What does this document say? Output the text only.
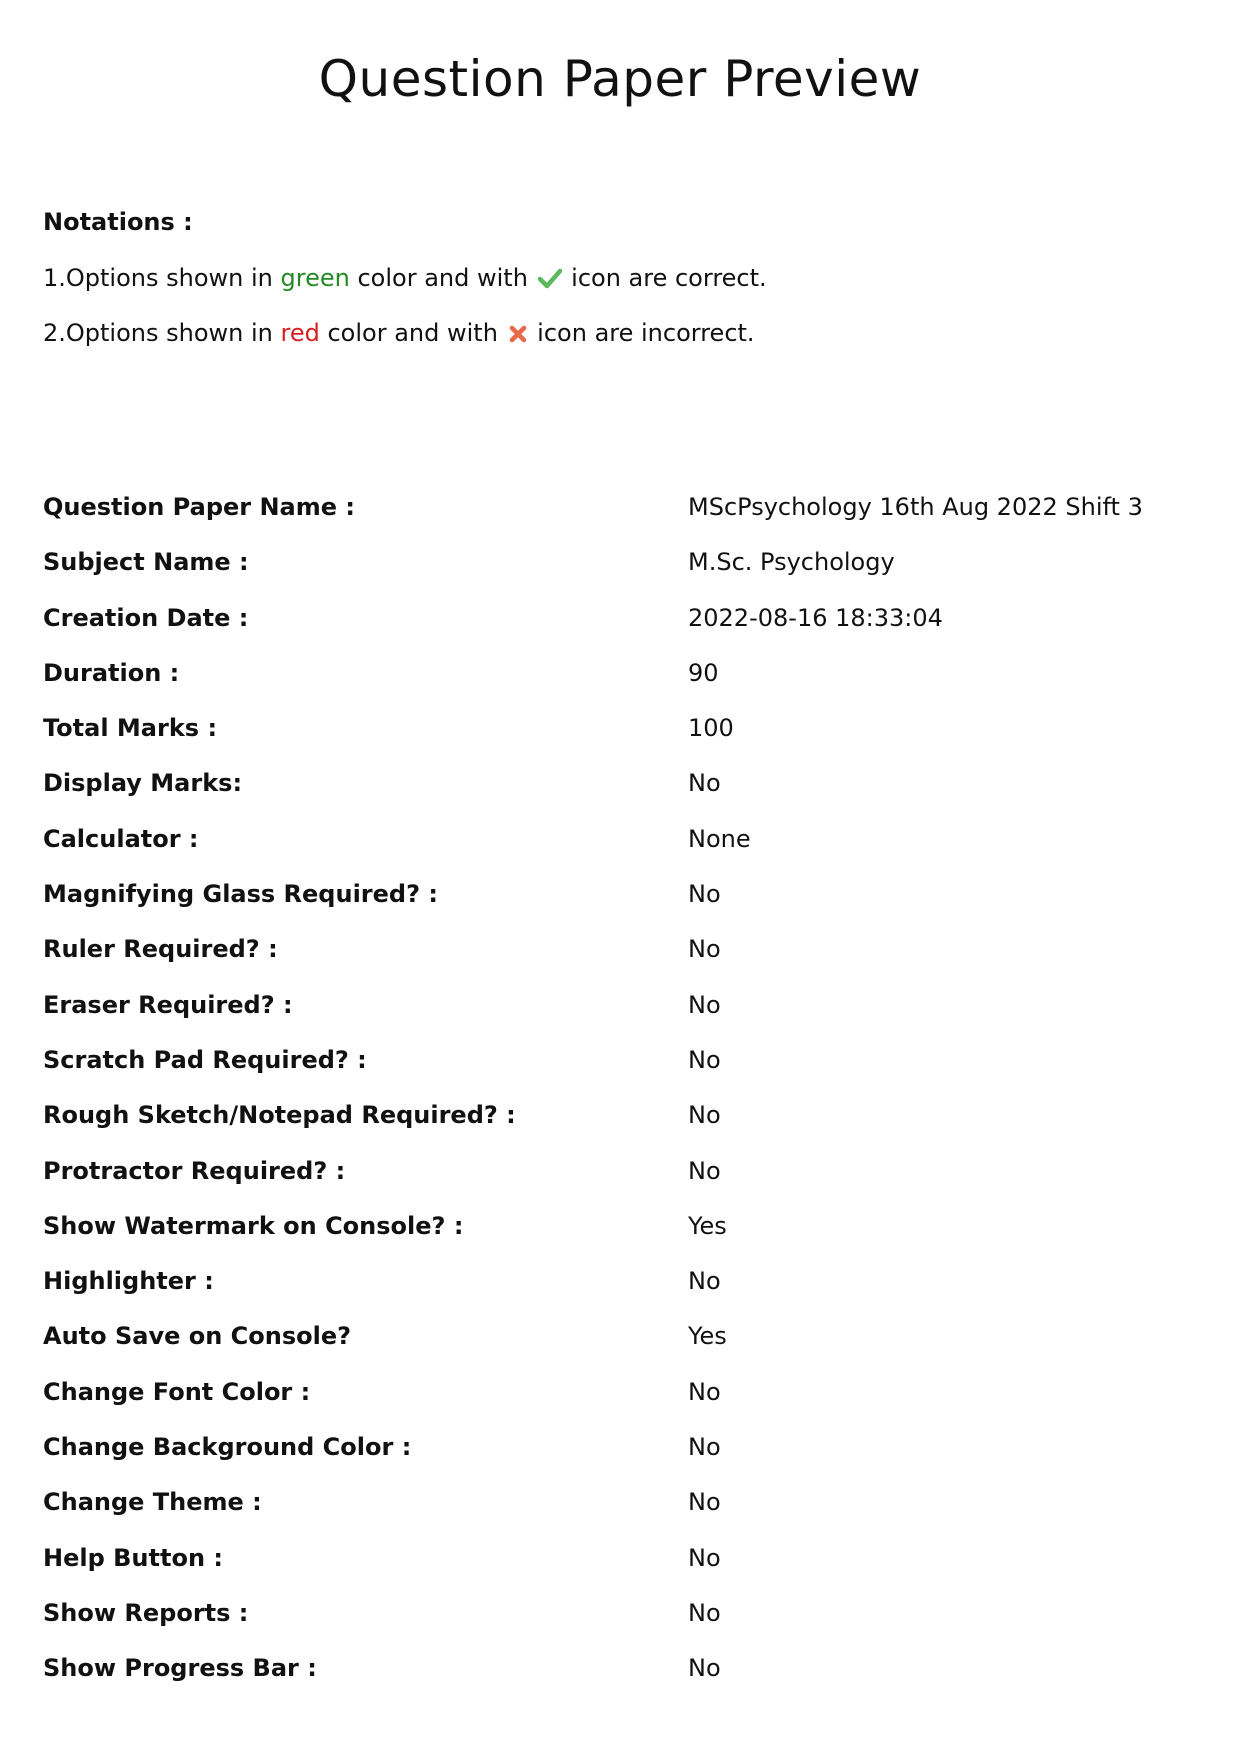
Question Paper Preview
Notations :
1.Options shown in green color and with  icon are correct.
2.Options shown in red color and with  icon are incorrect.
Question Paper Name :	MScPsychology 16th Aug 2022 Shift 3
Subject Name :	M.Sc. Psychology
Creation Date :	2022-08-16 18:33:04
Duration :	90
Total Marks :	100
Display Marks:	No
Calculator :	None
Magnifying Glass Required? :	No
Ruler Required? :	No
Eraser Required? :	No
Scratch Pad Required? :	No
Rough Sketch/Notepad Required? :	No
Protractor Required? :	No
Show Watermark on Console? :	Yes
Highlighter :	No
Auto Save on Console?	Yes
Change Font Color :	No
Change Background Color :	No
Change Theme :	No
Help Button :	No
Show Reports :	No
Show Progress Bar :	No
